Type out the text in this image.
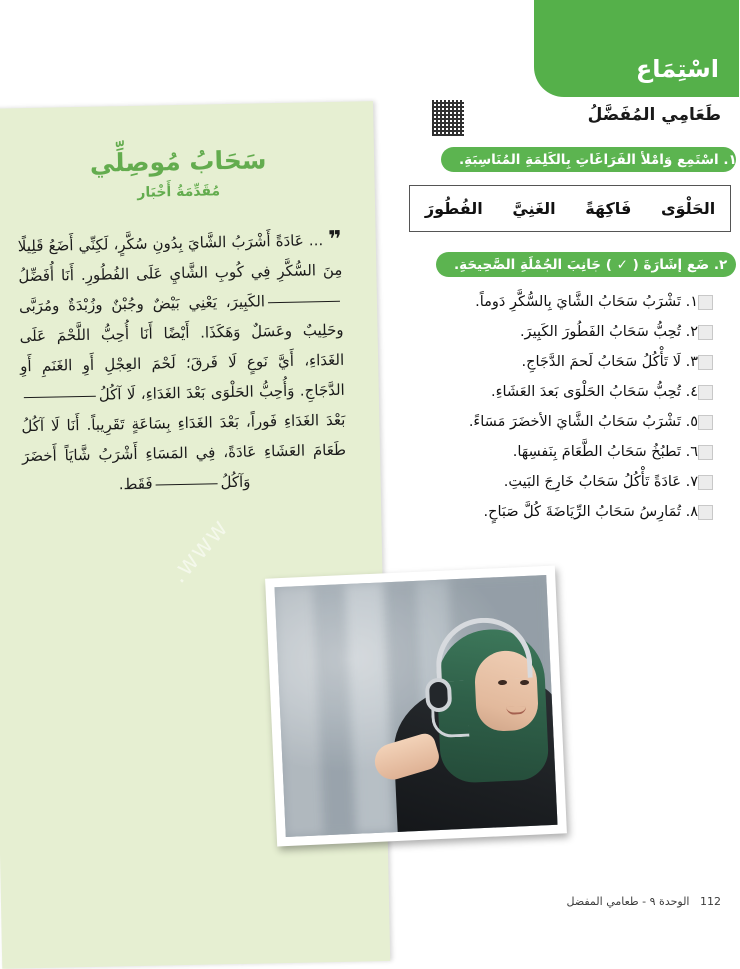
اسْتِمَاع
طَعَامِي المُفَضَّلُ
١. اسْتَمِع وَامْلأ الفَرَاغَاتِ بِالكَلِمَةِ المُنَاسِبَةِ.
الحَلْوَى
فَاكِهَةً
الغَنِيَّ
الفُطُورَ
٢. ضَع إشَارَةَ ( ✓ ) جَانِبَ الجُمْلَةِ الصَّحِيحَةِ.
١. تَشْرَبُ سَحَابُ الشَّايَ بِالسُّكَّرِ دَوماً.
٢. تُحِبُّ سَحَابُ الفَطُورَ الكَبِيرَ.
٣. لَا تَأْكُلُ سَحَابُ لَحمَ الدَّجَاجِ.
٤. تُحِبُّ سَحَابُ الحَلْوَى بَعدَ العَشَاءِ.
٥. تَشْرَبُ سَحَابُ الشَّايَ الأخضَرَ مَسَاءً.
٦. تَطبُخُ سَحَابُ الطَّعَامَ بِنَفسِهَا.
٧. عَادَةً تَأْكُلُ سَحَابُ خَارِجَ البَيتِ.
٨. تُمَارِسُ سَحَابُ الرِّيَاضَةَ كُلَّ صَبَاحٍ.
112   الوحدة ٩ - طعامي المفضل
سَحَابُ مُوصِلِّي
مُقَدِّمَةُ أَخْبَار

❞ ... عَادَةً أَشْرَبُ الشَّايَ بِدُونِ سُكَّرٍ، لَكِنِّي أَضَعُ قَلِيلًا مِنَ السُّكَّرِ فِي كُوبِ الشَّايِ عَلَى الفُطُورِ. أَنَا أُفَضِّلُالكَبِيرَ، يَعْنِي بَيْضٌ وجُبْنٌ وزُبْدَةٌ ومُرَبَّى وحَلِيبٌ وعَسَلٌ وَهَكَذَا. أَيْضًا أَنَا أُحِبُّ اللَّحْمَ عَلَى الغَدَاءِ، أَيَّ نَوعٍ لَا فَرقَ؛ لَحْمَ العِجْلِ أَوِ الغَنَمِ أَوِ الدَّجَاجِ. وَأُحِبُّ الحَلْوَى بَعْدَ الغَدَاءِ، لَا آكُلُبَعْدَ الغَدَاءِ فَوراً، بَعْدَ الغَدَاءِ بِسَاعَةٍ تَقَرِيباً. أَنَا لَا آكُلُ طَعَامَ العَشَاءِ عَادَةً، فِي المَسَاءِ أَشْرَبُ شَّايَاً أَخضَرَ وَآكُلُفَقَط.

www.
